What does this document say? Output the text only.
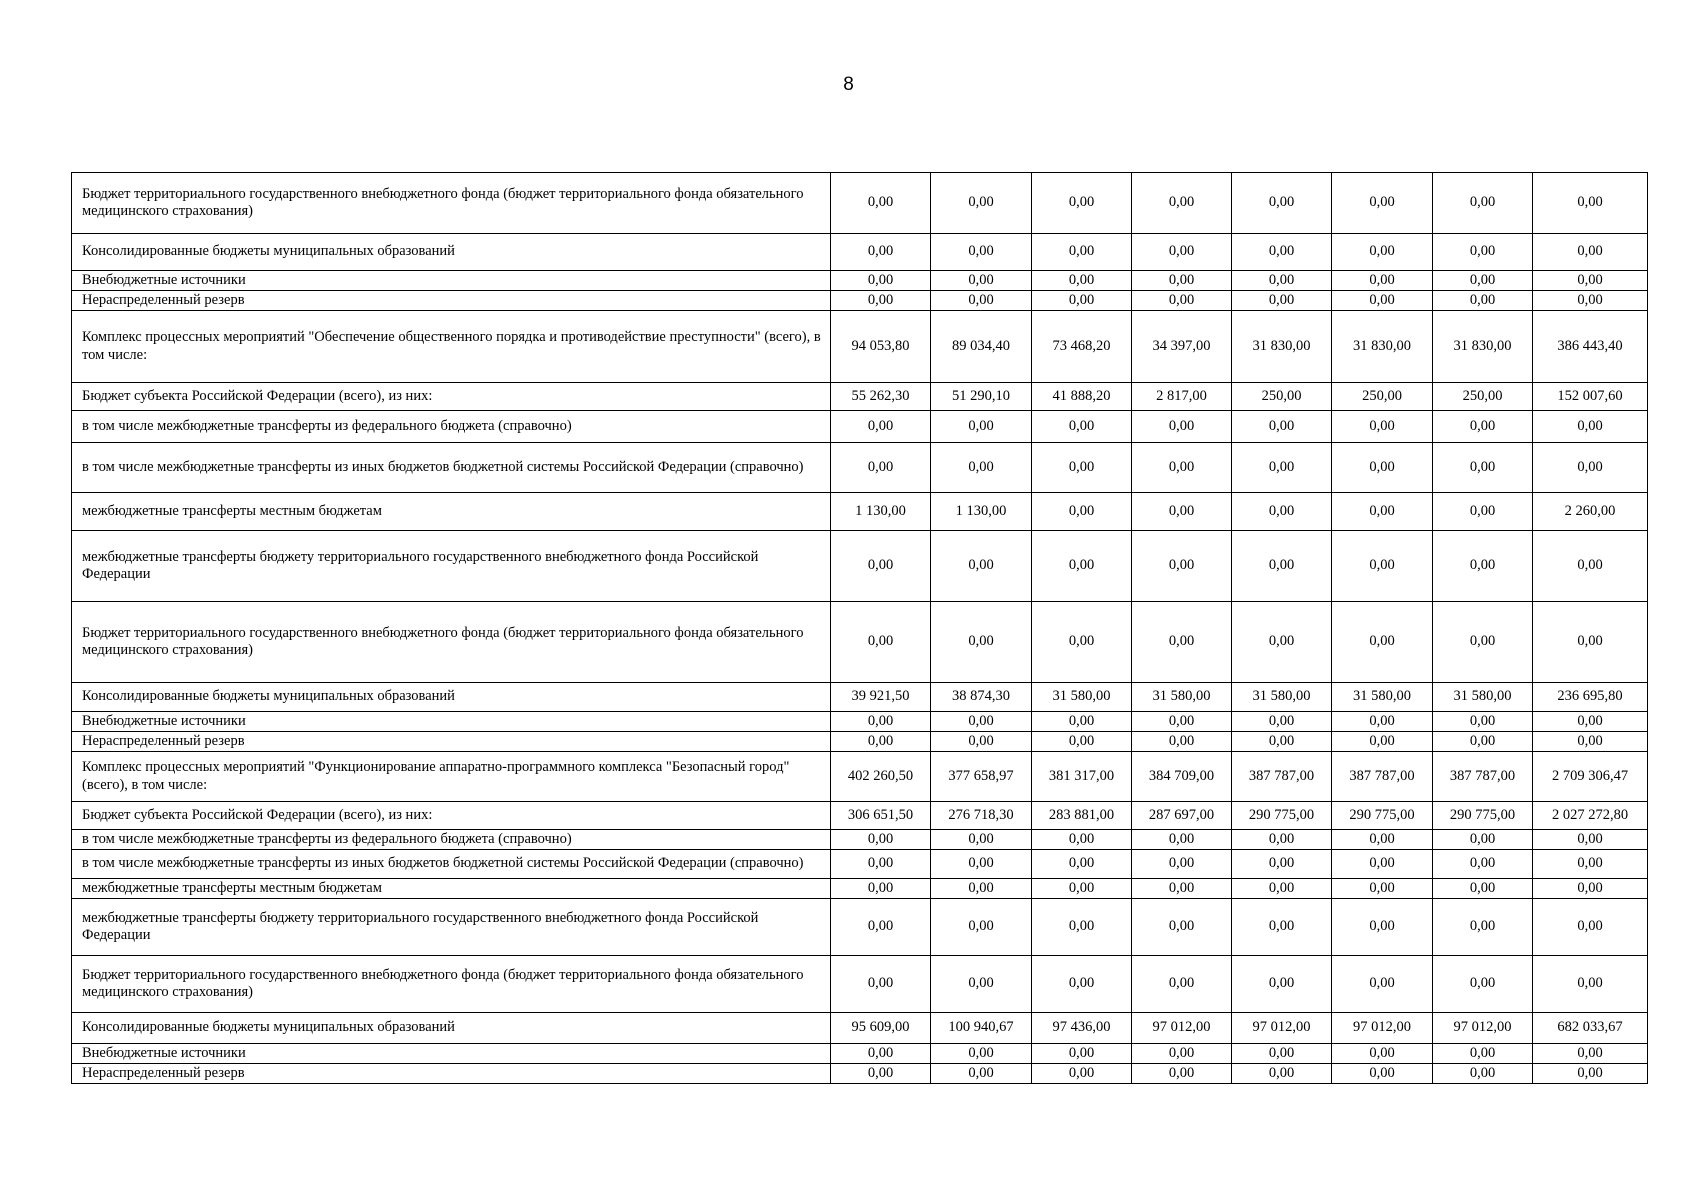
8
Бюджет территориального государственного внебюджетного фонда (бюджет территориального фонда обязательного медицинского страхования)	0,00	0,00	0,00	0,00	0,00	0,00	0,00	0,00
Консолидированные бюджеты муниципальных образований	0,00	0,00	0,00	0,00	0,00	0,00	0,00	0,00
Внебюджетные источники	0,00	0,00	0,00	0,00	0,00	0,00	0,00	0,00
Нераспределенный резерв	0,00	0,00	0,00	0,00	0,00	0,00	0,00	0,00
Комплекс процессных мероприятий "Обеспечение общественного порядка и противодействие преступности" (всего), в том числе:	94 053,80	89 034,40	73 468,20	34 397,00	31 830,00	31 830,00	31 830,00	386 443,40
Бюджет субъекта Российской Федерации (всего), из них:	55 262,30	51 290,10	41 888,20	2 817,00	250,00	250,00	250,00	152 007,60
в том числе межбюджетные трансферты из федерального бюджета (справочно)	0,00	0,00	0,00	0,00	0,00	0,00	0,00	0,00
в том числе межбюджетные трансферты из иных бюджетов бюджетной системы Российской Федерации (справочно)	0,00	0,00	0,00	0,00	0,00	0,00	0,00	0,00
межбюджетные трансферты местным бюджетам	1 130,00	1 130,00	0,00	0,00	0,00	0,00	0,00	2 260,00
межбюджетные трансферты бюджету территориального государственного внебюджетного фонда Российской Федерации	0,00	0,00	0,00	0,00	0,00	0,00	0,00	0,00
Бюджет территориального государственного внебюджетного фонда (бюджет территориального фонда обязательного медицинского страхования)	0,00	0,00	0,00	0,00	0,00	0,00	0,00	0,00
Консолидированные бюджеты муниципальных образований	39 921,50	38 874,30	31 580,00	31 580,00	31 580,00	31 580,00	31 580,00	236 695,80
Внебюджетные источники	0,00	0,00	0,00	0,00	0,00	0,00	0,00	0,00
Нераспределенный резерв	0,00	0,00	0,00	0,00	0,00	0,00	0,00	0,00
Комплекс процессных мероприятий "Функционирование аппаратно-программного комплекса "Безопасный город" (всего), в том числе:	402 260,50	377 658,97	381 317,00	384 709,00	387 787,00	387 787,00	387 787,00	2 709 306,47
Бюджет субъекта Российской Федерации (всего), из них:	306 651,50	276 718,30	283 881,00	287 697,00	290 775,00	290 775,00	290 775,00	2 027 272,80
в том числе межбюджетные трансферты из федерального бюджета (справочно)	0,00	0,00	0,00	0,00	0,00	0,00	0,00	0,00
в том числе межбюджетные трансферты из иных бюджетов бюджетной системы Российской Федерации (справочно)	0,00	0,00	0,00	0,00	0,00	0,00	0,00	0,00
межбюджетные трансферты местным бюджетам	0,00	0,00	0,00	0,00	0,00	0,00	0,00	0,00
межбюджетные трансферты бюджету территориального государственного внебюджетного фонда Российской Федерации	0,00	0,00	0,00	0,00	0,00	0,00	0,00	0,00
Бюджет территориального государственного внебюджетного фонда (бюджет территориального фонда обязательного медицинского страхования)	0,00	0,00	0,00	0,00	0,00	0,00	0,00	0,00
Консолидированные бюджеты муниципальных образований	95 609,00	100 940,67	97 436,00	97 012,00	97 012,00	97 012,00	97 012,00	682 033,67
Внебюджетные источники	0,00	0,00	0,00	0,00	0,00	0,00	0,00	0,00
Нераспределенный резерв	0,00	0,00	0,00	0,00	0,00	0,00	0,00	0,00
